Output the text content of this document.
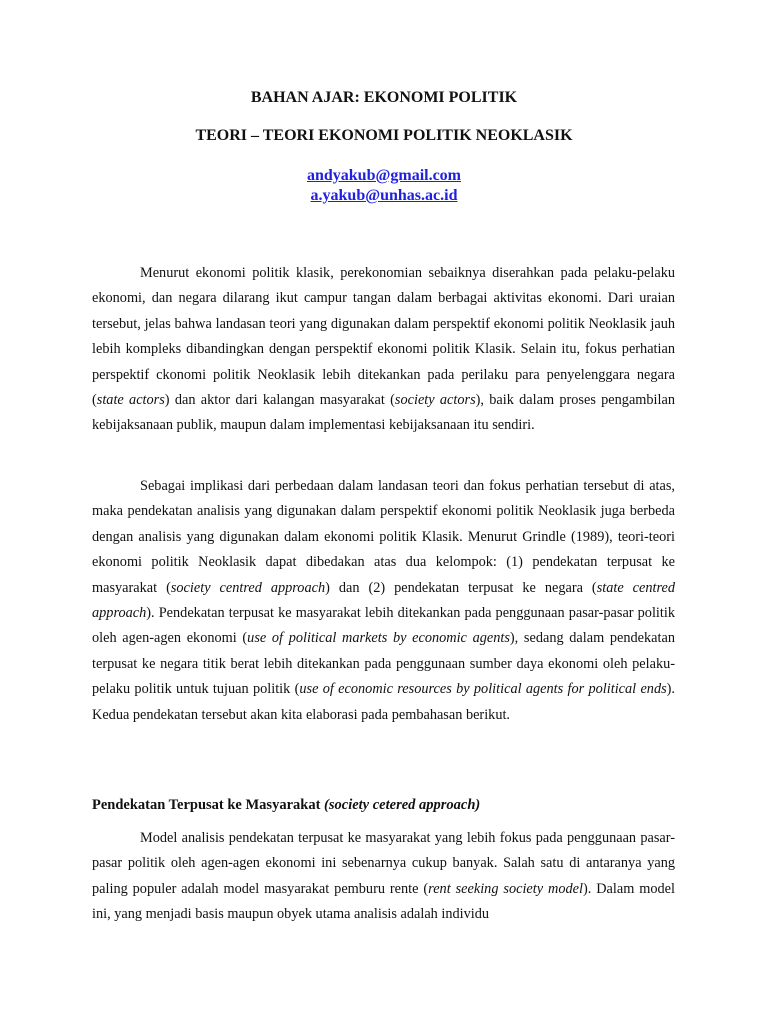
BAHAN AJAR: EKONOMI POLITIK
TEORI – TEORI EKONOMI POLITIK NEOKLASIK
andyakub@gmail.com
a.yakub@unhas.ac.id

Menurut ekonomi politik klasik, perekonomian sebaiknya diserahkan pada pelaku-pelaku ekonomi, dan negara dilarang ikut campur tangan dalam berbagai aktivitas ekonomi. Dari uraian tersebut, jelas bahwa landasan teori yang digunakan dalam perspektif ekonomi politik Neoklasik jauh lebih kompleks dibandingkan dengan perspektif ekonomi politik Klasik. Selain itu, fokus perhatian perspektif ckonomi politik Neoklasik lebih ditekankan pada perilaku para penyelenggara negara (state actors) dan aktor dari kalangan masyarakat (society actors), baik dalam proses pengambilan kebijaksanaan publik, maupun dalam implementasi kebijaksanaan itu sendiri.

Sebagai implikasi dari perbedaan dalam landasan teori dan fokus perhatian tersebut di atas, maka pendekatan analisis yang digunakan dalam perspektif ekonomi politik Neoklasik juga berbeda dengan analisis yang digunakan dalam ekonomi politik Klasik. Menurut Grindle (1989), teori-teori ekonomi politik Neoklasik dapat dibedakan atas dua kelompok: (1) pendekatan terpusat ke masyarakat (society centred approach) dan (2) pendekatan terpusat ke negara (state centred approach). Pendekatan terpusat ke masyarakat lebih ditekankan pada penggunaan pasar-pasar politik oleh agen-agen ekonomi (use of political markets by economic agents), sedang dalam pendekatan terpusat ke negara titik berat lebih ditekankan pada penggunaan sumber daya ekonomi oleh pelaku-pelaku politik untuk tujuan politik (use of economic resources by political agents for political ends). Kedua pendekatan tersebut akan kita elaborasi pada pembahasan berikut.

Pendekatan Terpusat ke Masyarakat (society cetered approach)

Model analisis pendekatan terpusat ke masyarakat yang lebih fokus pada penggunaan pasar-pasar politik oleh agen-agen ekonomi ini sebenarnya cukup banyak. Salah satu di antaranya yang paling populer adalah model masyarakat pemburu rente (rent seeking society model). Dalam model ini, yang menjadi basis maupun obyek utama analisis adalah individu
